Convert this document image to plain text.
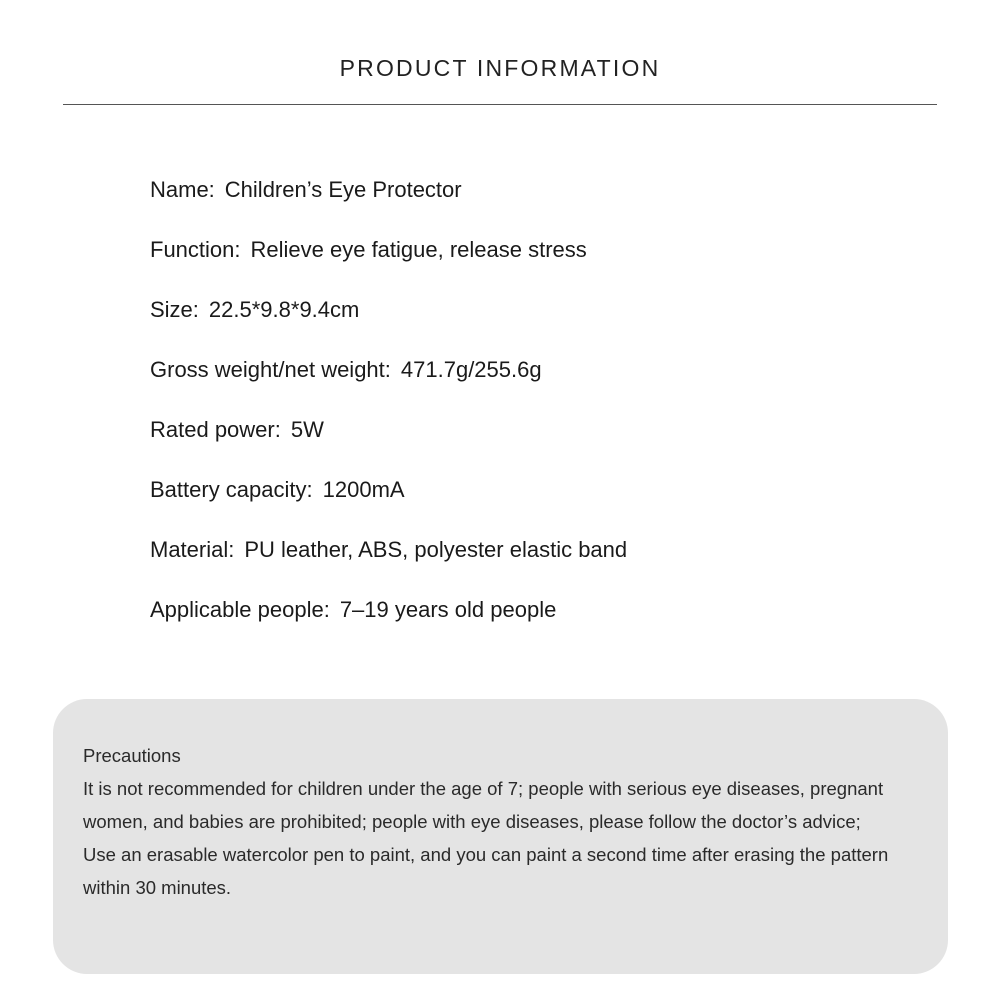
PRODUCT INFORMATION
Name: Children’s Eye Protector
Function: Relieve eye fatigue, release stress
Size: 22.5*9.8*9.4cm
Gross weight/net weight: 471.7g/255.6g
Rated power: 5W
Battery capacity: 1200mA
Material: PU leather, ABS, polyester elastic band
Applicable people: 7–19 years old people

Precautions

It is not recommended for children under the age of 7; people with serious eye diseases, pregnant women, and babies are prohibited; people with eye diseases, please follow the doctor’s advice;

Use an erasable watercolor pen to paint, and you can paint a second time after erasing the pattern within 30 minutes.
